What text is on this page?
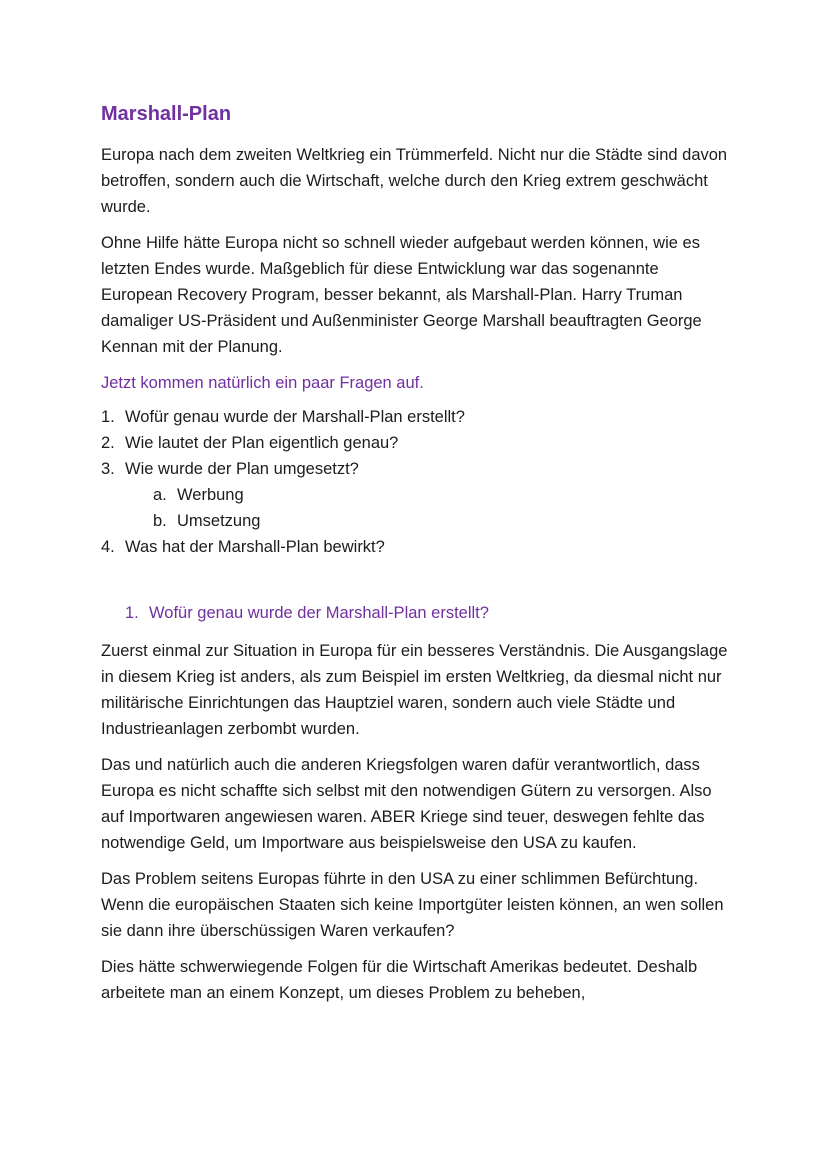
Marshall-Plan

Europa nach dem zweiten Weltkrieg ein Trümmerfeld. Nicht nur die Städte sind davon betroffen, sondern auch die Wirtschaft, welche durch den Krieg extrem geschwächt wurde.

Ohne Hilfe hätte Europa nicht so schnell wieder aufgebaut werden können, wie es letzten Endes wurde. Maßgeblich für diese Entwicklung war das sogenannte European Recovery Program, besser bekannt, als Marshall-Plan. Harry Truman damaliger US-Präsident und Außenminister George Marshall beauftragten George Kennan mit der Planung.

Jetzt kommen natürlich ein paar Fragen auf.

1. Wofür genau wurde der Marshall-Plan erstellt?
2. Wie lautet der Plan eigentlich genau?
3. Wie wurde der Plan umgesetzt?
a. Werbung
b. Umsetzung
4. Was hat der Marshall-Plan bewirkt?
1. Wofür genau wurde der Marshall-Plan erstellt?

Zuerst einmal zur Situation in Europa für ein besseres Verständnis. Die Ausgangslage in diesem Krieg ist anders, als zum Beispiel im ersten Weltkrieg, da diesmal nicht nur militärische Einrichtungen das Hauptziel waren, sondern auch viele Städte und Industrieanlagen zerbombt wurden.

Das und natürlich auch die anderen Kriegsfolgen waren dafür verantwortlich, dass Europa es nicht schaffte sich selbst mit den notwendigen Gütern zu versorgen. Also auf Importwaren angewiesen waren. ABER Kriege sind teuer, deswegen fehlte das notwendige Geld, um Importware aus beispielsweise den USA zu kaufen.

Das Problem seitens Europas führte in den USA zu einer schlimmen Befürchtung. Wenn die europäischen Staaten sich keine Importgüter leisten können, an wen sollen sie dann ihre überschüssigen Waren verkaufen?

Dies hätte schwerwiegende Folgen für die Wirtschaft Amerikas bedeutet. Deshalb arbeitete man an einem Konzept, um dieses Problem zu beheben,
